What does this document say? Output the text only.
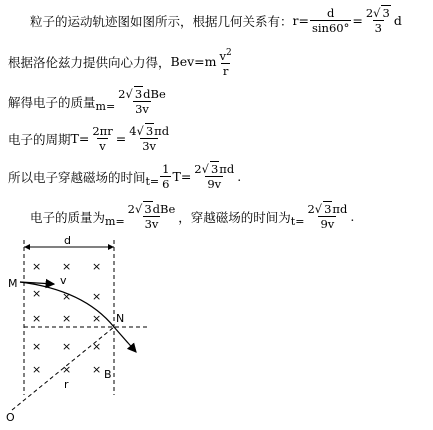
粒子的运动轨迹图如图所示，根据几何关系有： $r= \frac{d}{\sin 60^\circ} = \frac{2√ 3}{3}$ d
根据洛伦兹力提供向心力得， $Bev=m \frac{v^2}{r}$
解得电子的质量 $m= \frac{\text{2√ 3dBe}}{3v}$
电子的周期 $T= \frac{2\pi r}{v} = \frac{4√ 3\pi d}{3v}$
所以电子穿越磁场的时间 $t= \frac{1}{6} T= \frac{2√ 3\pi d}{9v}$ .
电子的质量为 $m= \frac{\text{2√ 3dBe}}{3v}$ ，穿越磁场的时间为 $t= \frac{2√ 3\pi d}{9v}$ .
× × ×
× × ×
× × ×
× × ×
× × ×
d
M	v
N
r
B
O
